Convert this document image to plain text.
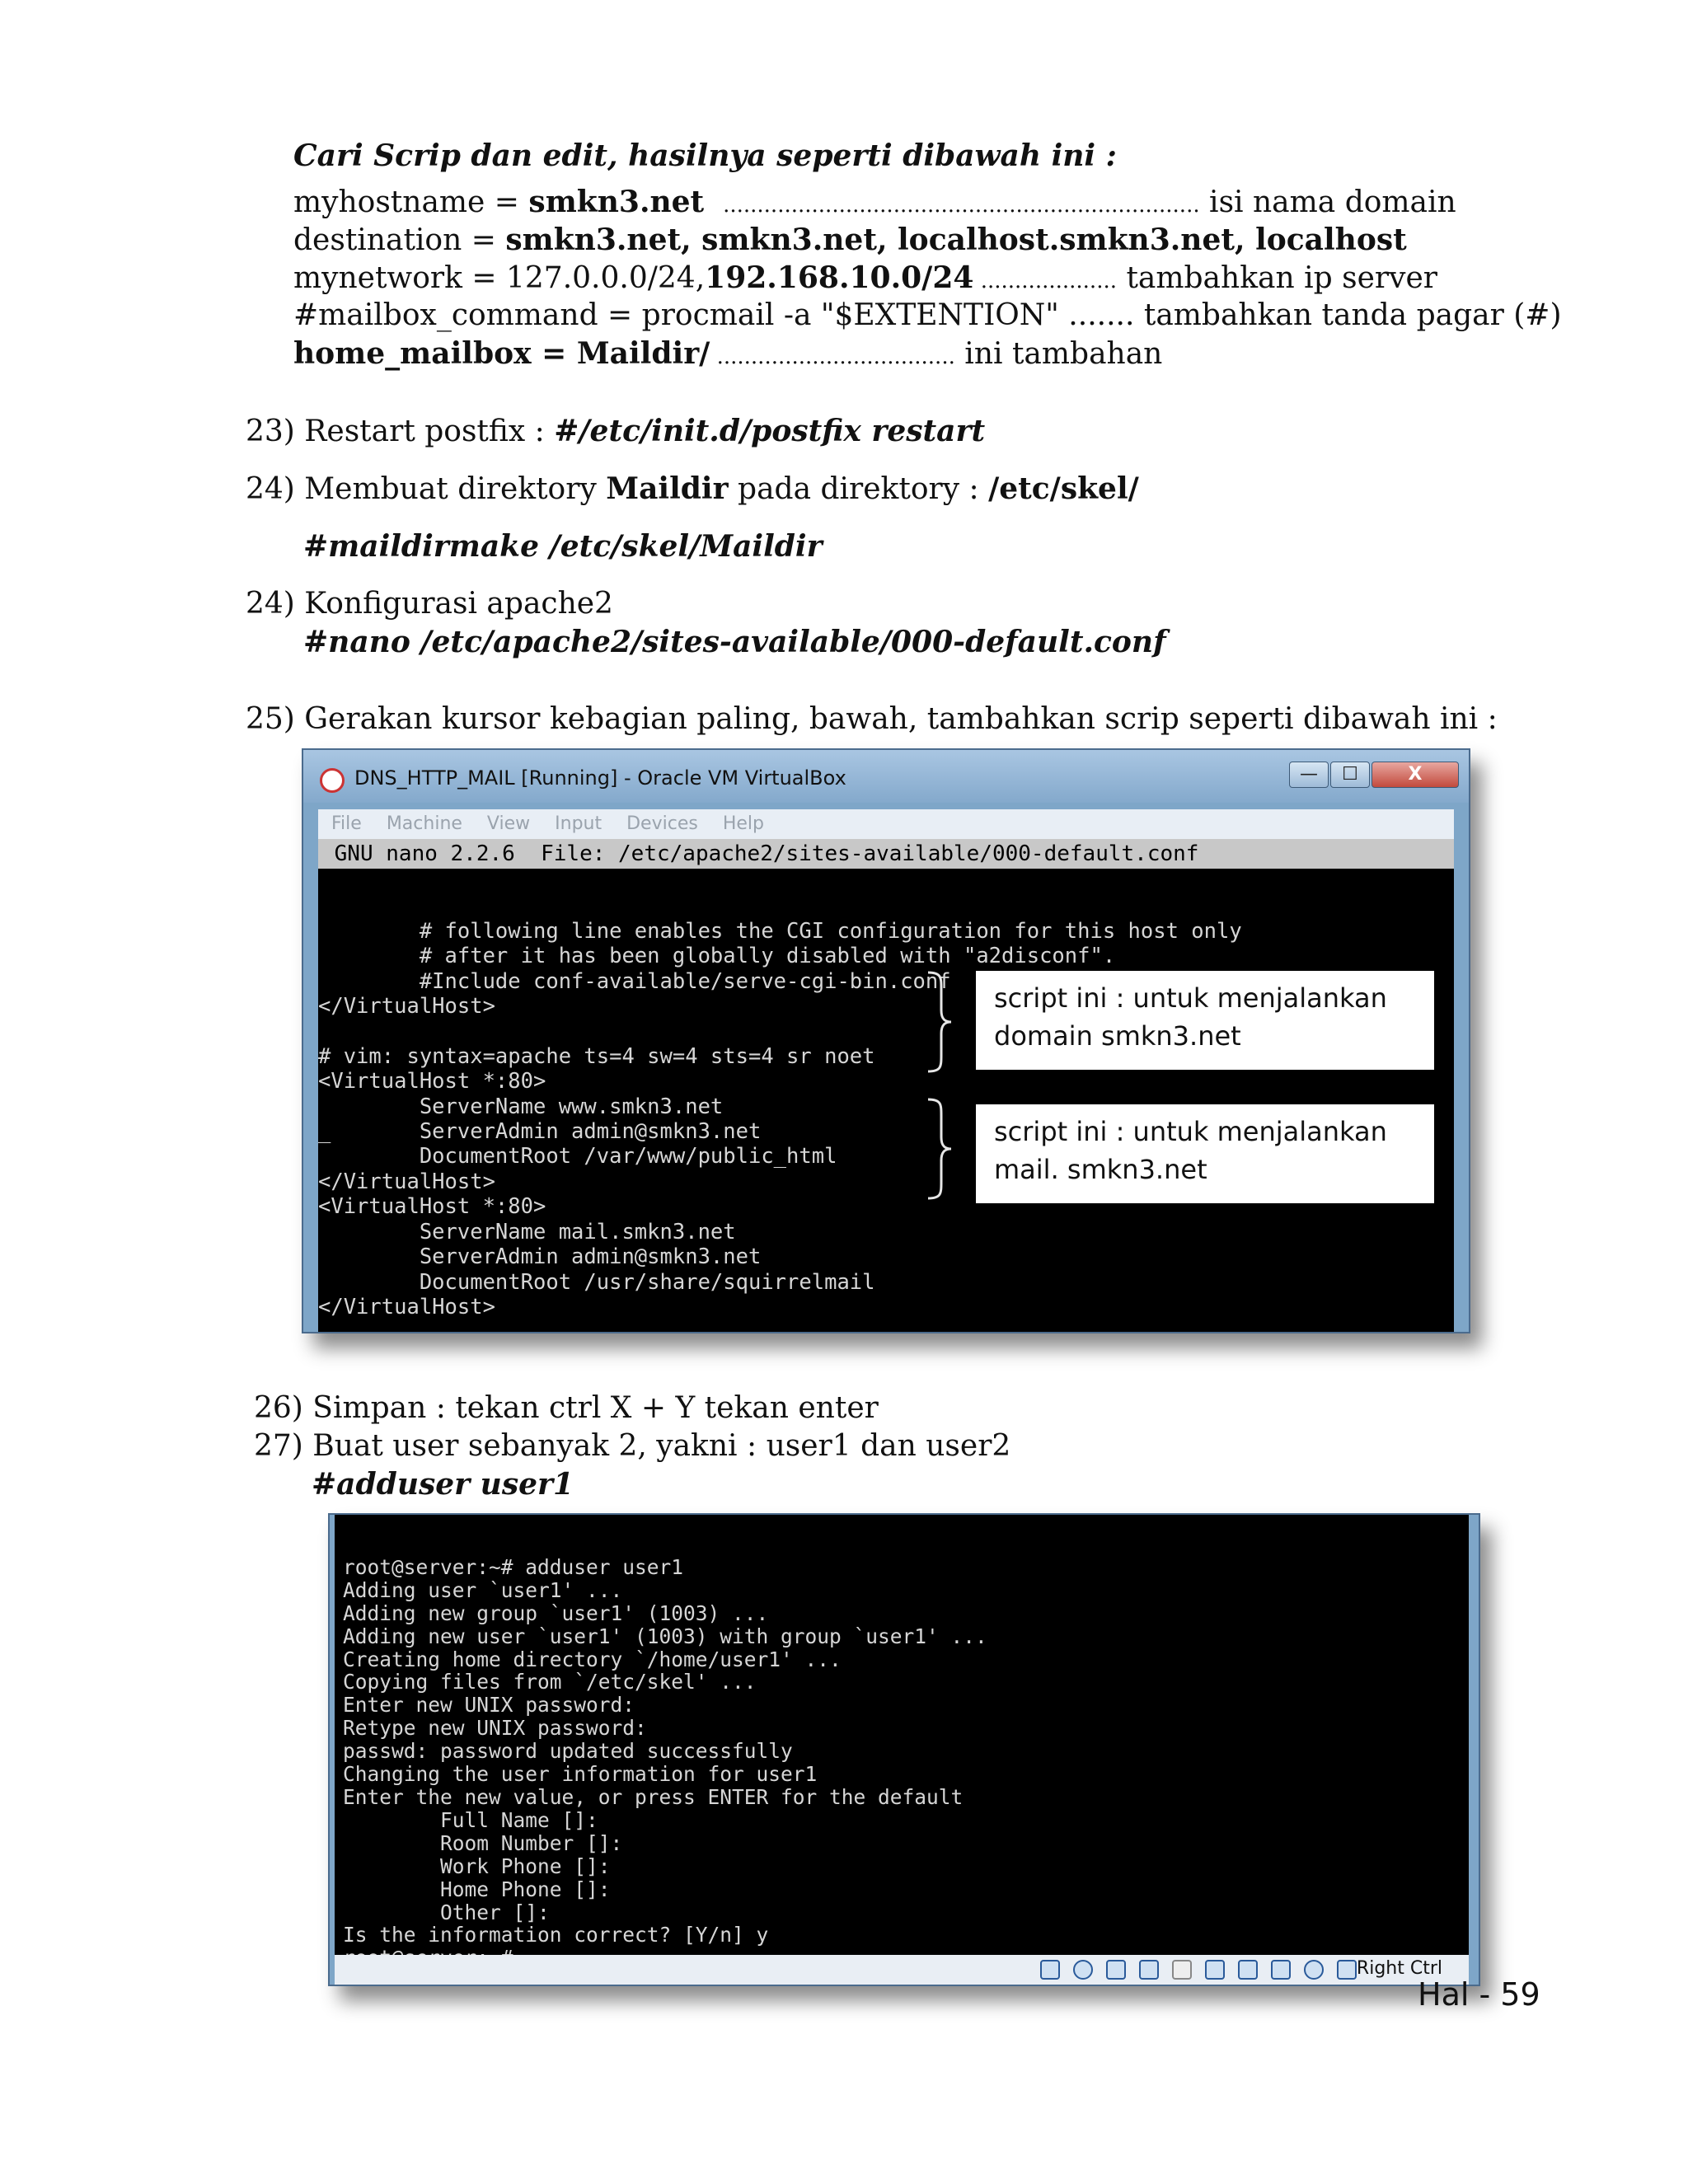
Cari Scrip dan edit, hasilnya seperti dibawah ini :
myhostname = smkn3.net ...................................................................... isi nama domain
destination = smkn3.net, smkn3.net, localhost.smkn3.net, localhost
mynetwork = 127.0.0.0/24,192.168.10.0/24 .................... tambahkan ip server
#mailbox_command = procmail -a "$EXTENTION" ....... tambahkan tanda pagar (#)
home_mailbox = Maildir/ ................................... ini tambahan
23) Restart postfix : #/etc/init.d/postfix restart
24) Membuat direktory Maildir pada direktory : /etc/skel/
#maildirmake /etc/skel/Maildir
24) Konfigurasi apache2
#nano /etc/apache2/sites-available/000-default.conf
25) Gerakan kursor kebagian paling, bawah, tambahkan scrip seperti dibawah ini :
DNS_HTTP_MAIL [Running] - Oracle VM VirtualBox	—	☐	X
File Machine View Input Devices Help
GNU nano 2.2.6  File: /etc/apache2/sites-available/000-default.conf

# following line enables the CGI configuration for this host only
# after it has been globally disabled with "a2disconf".
#Include conf-available/serve-cgi-bin.conf
</VirtualHost>

# vim: syntax=apache ts=4 sw=4 sts=4 sr noet
<VirtualHost *:80>
ServerName www.smkn3.net
_       ServerAdmin admin@smkn3.net
DocumentRoot /var/www/public_html
</VirtualHost>
<VirtualHost *:80>
ServerName mail.smkn3.net
ServerAdmin admin@smkn3.net
DocumentRoot /usr/share/squirrelmail
</VirtualHost>
script ini : untuk menjalankan
domain smkn3.net
script ini : untuk menjalankan
mail. smkn3.net
26) Simpan : tekan ctrl X + Y tekan enter
27) Buat user sebanyak 2, yakni : user1 dan user2
#adduser user1

root@server:~# adduser user1
Adding user `user1' ...
Adding new group `user1' (1003) ...
Adding new user `user1' (1003) with group `user1' ...
Creating home directory `/home/user1' ...
Copying files from `/etc/skel' ...
Enter new UNIX password:
Retype new UNIX password:
passwd: password updated successfully
Changing the user information for user1
Enter the new value, or press ENTER for the default
Full Name []:
Room Number []:
Work Phone []:
Home Phone []:
Other []:
Is the information correct? [Y/n] y

Right Ctrl
Hal - 59
